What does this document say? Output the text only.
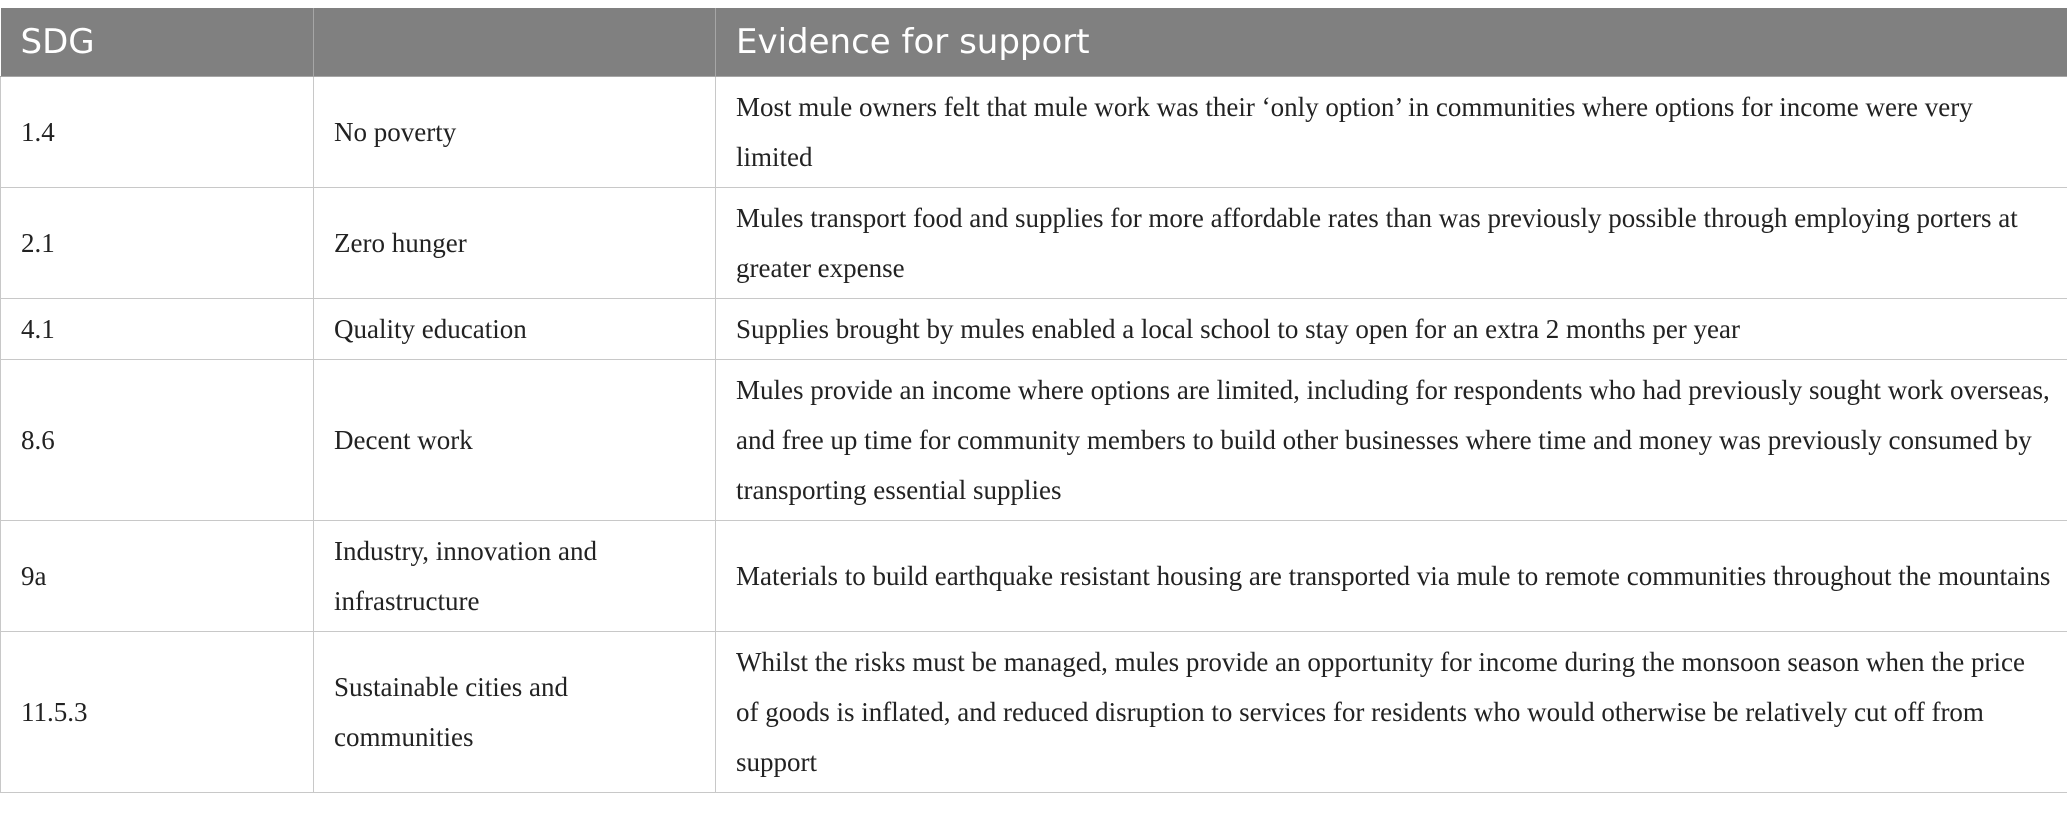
SDG		Evidence for support
1.4	No poverty	Most mule owners felt that mule work was their ‘only option’ in communities where options for income were very limited
2.1	Zero hunger	Mules transport food and supplies for more affordable rates than was previously possible through employing porters at greater expense
4.1	Quality education	Supplies brought by mules enabled a local school to stay open for an extra 2 months per year
8.6	Decent work	Mules provide an income where options are limited, including for respondents who had previously sought work overseas, and free up time for community members to build other businesses where time and money was previously consumed by transporting essential supplies
9a	Industry, innovation and infrastructure	Materials to build earthquake resistant housing are transported via mule to remote communities throughout the mountains
11.5.3	Sustainable cities and communities	Whilst the risks must be managed, mules provide an opportunity for income during the monsoon season when the price of goods is inflated, and reduced disruption to services for residents who would otherwise be relatively cut off from support
